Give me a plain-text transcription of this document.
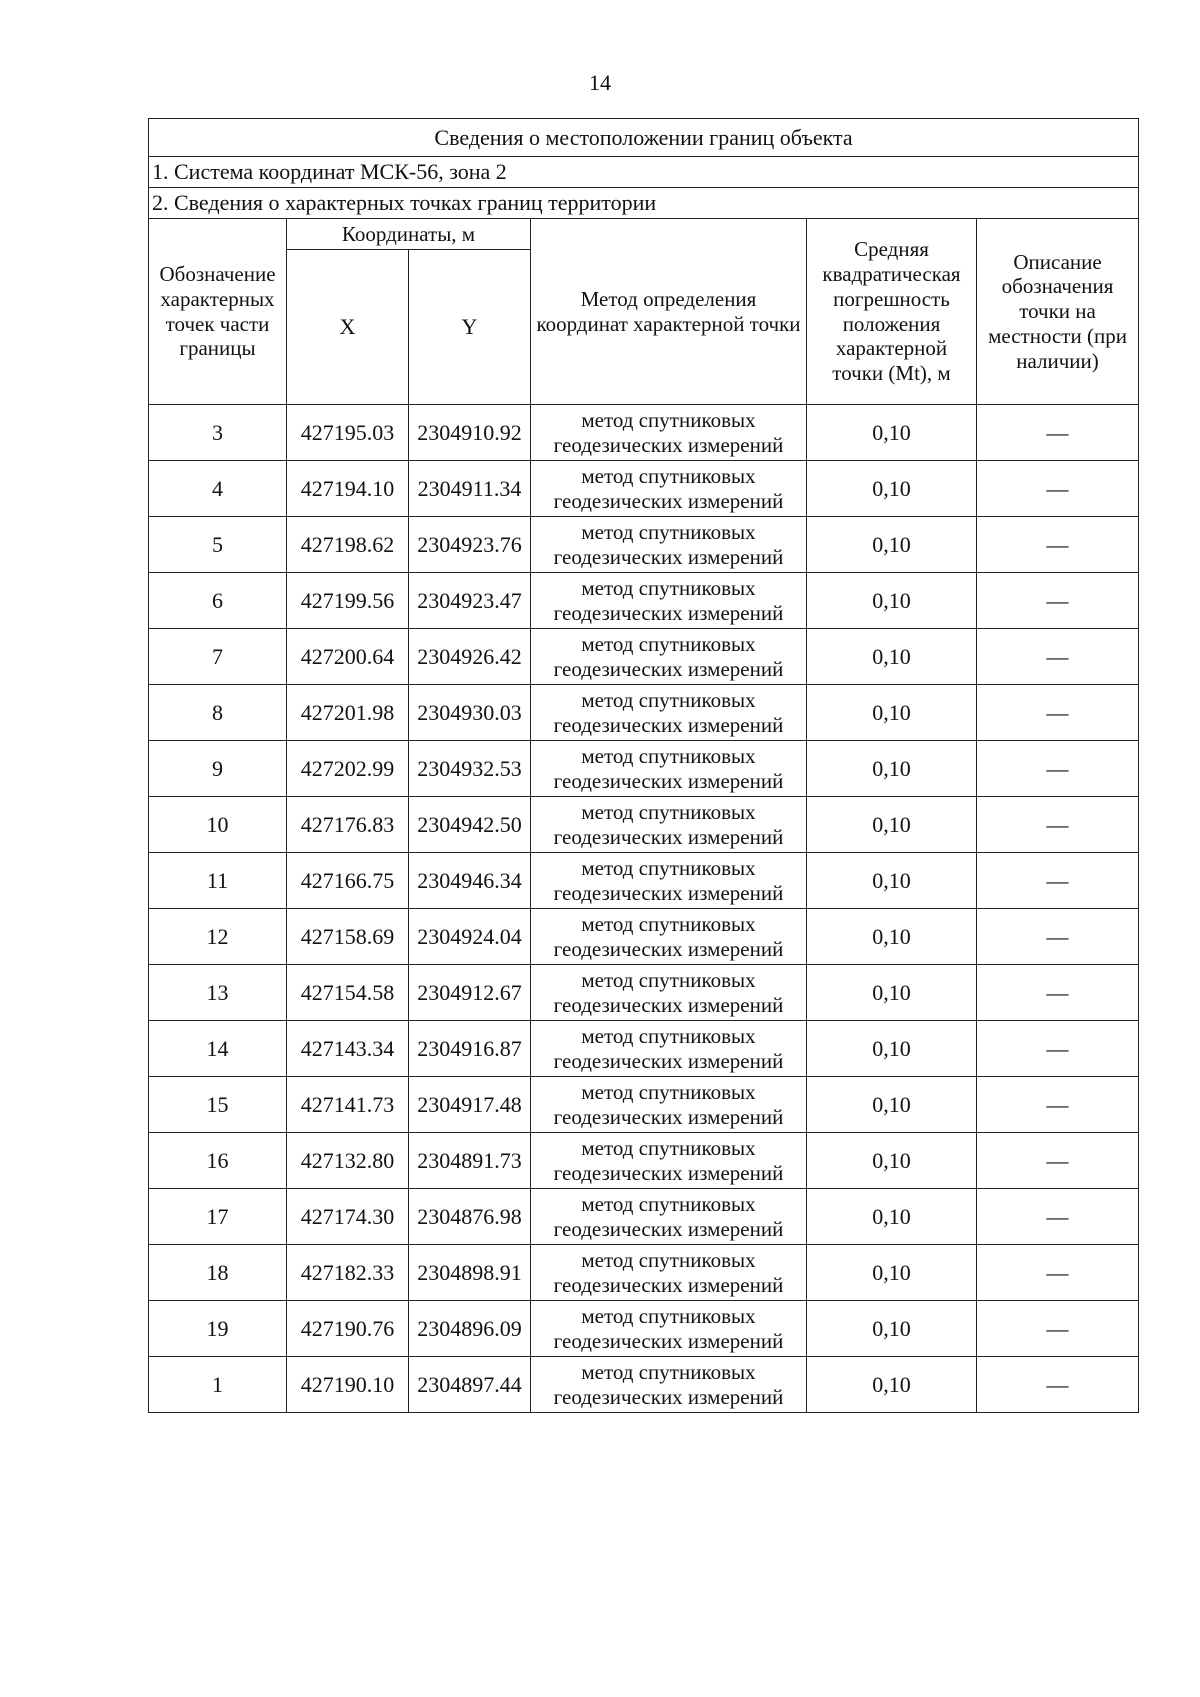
14
Сведения о местоположении границ объекта					
1. Система координат МСК-56, зона 2					
2. Сведения о характерных точках границ территории					
Обозначение характерных точек части границы	Координаты, м		Метод определения координат характерной точки	Средняя квадратическая погрешность положения характерной точки (Mt), м	Описание обозначения точки на местности (при наличии)
	X	Y			
3	427195.03	2304910.92	метод спутниковых геодезических измерений	0,10	—
4	427194.10	2304911.34	метод спутниковых геодезических измерений	0,10	—
5	427198.62	2304923.76	метод спутниковых геодезических измерений	0,10	—
6	427199.56	2304923.47	метод спутниковых геодезических измерений	0,10	—
7	427200.64	2304926.42	метод спутниковых геодезических измерений	0,10	—
8	427201.98	2304930.03	метод спутниковых геодезических измерений	0,10	—
9	427202.99	2304932.53	метод спутниковых геодезических измерений	0,10	—
10	427176.83	2304942.50	метод спутниковых геодезических измерений	0,10	—
11	427166.75	2304946.34	метод спутниковых геодезических измерений	0,10	—
12	427158.69	2304924.04	метод спутниковых геодезических измерений	0,10	—
13	427154.58	2304912.67	метод спутниковых геодезических измерений	0,10	—
14	427143.34	2304916.87	метод спутниковых геодезических измерений	0,10	—
15	427141.73	2304917.48	метод спутниковых геодезических измерений	0,10	—
16	427132.80	2304891.73	метод спутниковых геодезических измерений	0,10	—
17	427174.30	2304876.98	метод спутниковых геодезических измерений	0,10	—
18	427182.33	2304898.91	метод спутниковых геодезических измерений	0,10	—
19	427190.76	2304896.09	метод спутниковых геодезических измерений	0,10	—
1	427190.10	2304897.44	метод спутниковых геодезических измерений	0,10	—
